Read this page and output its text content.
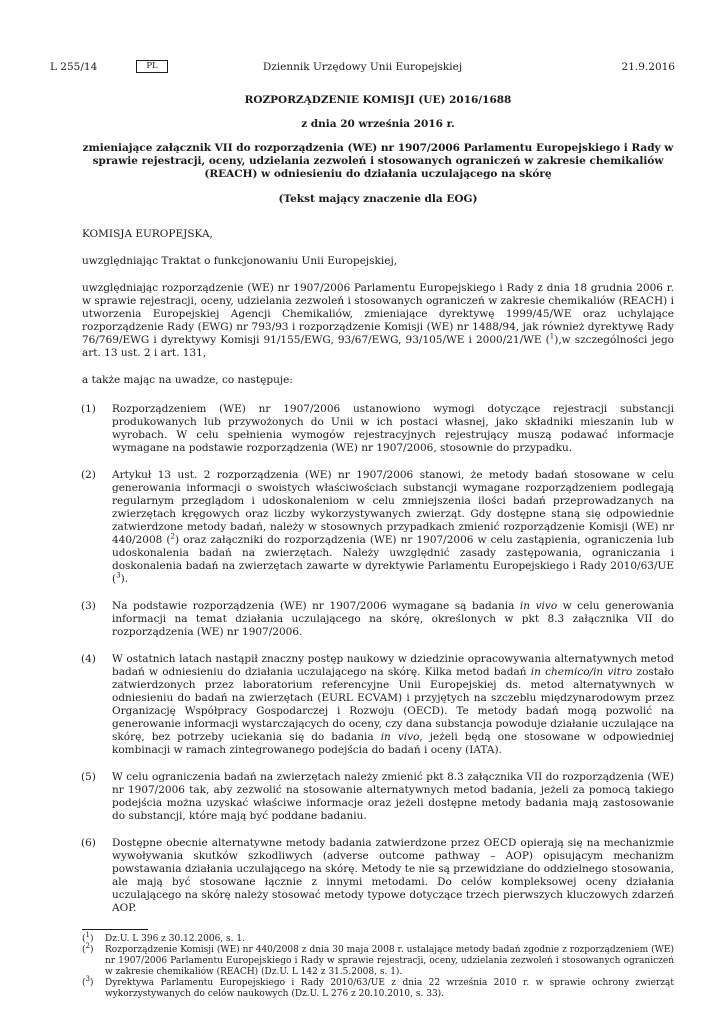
L 255/14	PL	Dziennik Urzędowy Unii Europejskiej	21.9.2016
ROZPORZĄDZENIE KOMISJI (UE) 2016/1688
z dnia 20 września 2016 r.
zmieniające załącznik VII do rozporządzenia (WE) nr 1907/2006 Parlamentu Europejskiego i Rady w sprawie rejestracji, oceny, udzielania zezwoleń i stosowanych ograniczeń w zakresie chemikaliów (REACH) w odniesieniu do działania uczulającego na skórę
(Tekst mający znaczenie dla EOG)

KOMISJA EUROPEJSKA,

uwzględniając Traktat o funkcjonowaniu Unii Europejskiej,

uwzględniając rozporządzenie (WE) nr 1907/2006 Parlamentu Europejskiego i Rady z dnia 18 grudnia 2006 r. w sprawie rejestracji, oceny, udzielania zezwoleń i stosowanych ograniczeń w zakresie chemikaliów (REACH) i utworzenia Europejskiej Agencji Chemikaliów, zmieniające dyrektywę 1999/45/WE oraz uchylające rozporządzenie Rady (EWG) nr 793/93 i rozporządzenie Komisji (WE) nr 1488/94, jak również dyrektywę Rady 76/769/EWG i dyrektywy Komisji 91/155/EWG, 93/67/EWG, 93/105/WE i 2000/21/WE ($^1$),w szczególności jego art. 13 ust. 2 i art. 131,

a także mając na uwadze, co następuje:

(1) Rozporządzeniem (WE) nr 1907/2006 ustanowiono wymogi dotyczące rejestracji substancji produkowanych lub przywożonych do Unii w ich postaci własnej, jako składniki mieszanin lub w wyrobach. W celu spełnienia wymogów rejestracyjnych rejestrujący muszą podawać informacje wymagane na podstawie rozporządzenia (WE) nr 1907/2006, stosownie do przypadku.
(2) Artykuł 13 ust. 2 rozporządzenia (WE) nr 1907/2006 stanowi, że metody badań stosowane w celu generowania informacji o swoistych właściwościach substancji wymagane rozporządzeniem podlegają regularnym przeglądom i udoskonaleniom w celu zmniejszenia ilości badań przeprowadzanych na zwierzętach kręgowych oraz liczby wykorzystywanych zwierząt. Gdy dostępne staną się odpowiednie zatwierdzone metody badań, należy w stosownych przypadkach zmienić rozporządzenie Komisji (WE) nr 440/2008 ($^2$) oraz załączniki do rozporządzenia (WE) nr 1907/2006 w celu zastąpienia, ograniczenia lub udoskonalenia badań na zwierzętach. Należy uwzględnić zasady zastępowania, ograniczania i doskonalenia badań na zwierzętach zawarte w dyrektywie Parlamentu Europejskiego i Rady 2010/63/UE ($^3$).
(3) Na podstawie rozporządzenia (WE) nr 1907/2006 wymagane są badania in vivo w celu generowania informacji na temat działania uczulającego na skórę, określonych w pkt 8.3 załącznika VII do rozporządzenia (WE) nr 1907/2006.
(4) W ostatnich latach nastąpił znaczny postęp naukowy w dziedzinie opracowywania alternatywnych metod badań w odniesieniu do działania uczulającego na skórę. Kilka metod badań in chemico/in vitro zostało zatwierdzonych przez laboratorium referencyjne Unii Europejskiej ds. metod alternatywnych w odniesieniu do badań na zwierzętach (EURL ECVAM) i przyjętych na szczeblu międzynarodowym przez Organizację Współpracy Gospodarczej i Rozwoju (OECD). Te metody badań mogą pozwolić na generowanie informacji wystarczających do oceny, czy dana substancja powoduje działanie uczulające na skórę, bez potrzeby uciekania się do badania in vivo, jeżeli będą one stosowane w odpowiedniej kombinacji w ramach zintegrowanego podejścia do badań i oceny (IATA).
(5) W celu ograniczenia badań na zwierzętach należy zmienić pkt 8.3 załącznika VII do rozporządzenia (WE) nr 1907/2006 tak, aby zezwolić na stosowanie alternatywnych metod badania, jeżeli za pomocą takiego podejścia można uzyskać właściwe informacje oraz jeżeli dostępne metody badania mają zastosowanie do substancji, które mają być poddane badaniu.
(6) Dostępne obecnie alternatywne metody badania zatwierdzone przez OECD opierają się na mechanizmie wywoływania skutków szkodliwych (adverse outcome pathway – AOP) opisującym mechanizm powstawania działania uczulającego na skórę. Metody te nie są przewidziane do oddzielnego stosowania, ale mają być stosowane łącznie z innymi metodami. Do celów kompleksowej oceny działania uczulającego na skórę należy stosować metody typowe dotyczące trzech pierwszych kluczowych zdarzeń AOP.
($^1$) Dz.U. L 396 z 30.12.2006, s. 1.
($^2$) Rozporządzenie Komisji (WE) nr 440/2008 z dnia 30 maja 2008 r. ustalające metody badań zgodnie z rozporządzeniem (WE) nr 1907/2006 Parlamentu Europejskiego i Rady w sprawie rejestracji, oceny, udzielania zezwoleń i stosowanych ograniczeń w zakresie chemikaliów (REACH) (Dz.U. L 142 z 31.5.2008, s. 1).
($^3$) Dyrektywa Parlamentu Europejskiego i Rady 2010/63/UE z dnia 22 września 2010 r. w sprawie ochrony zwierząt wykorzystywanych do celów naukowych (Dz.U. L 276 z 20.10.2010, s. 33).
